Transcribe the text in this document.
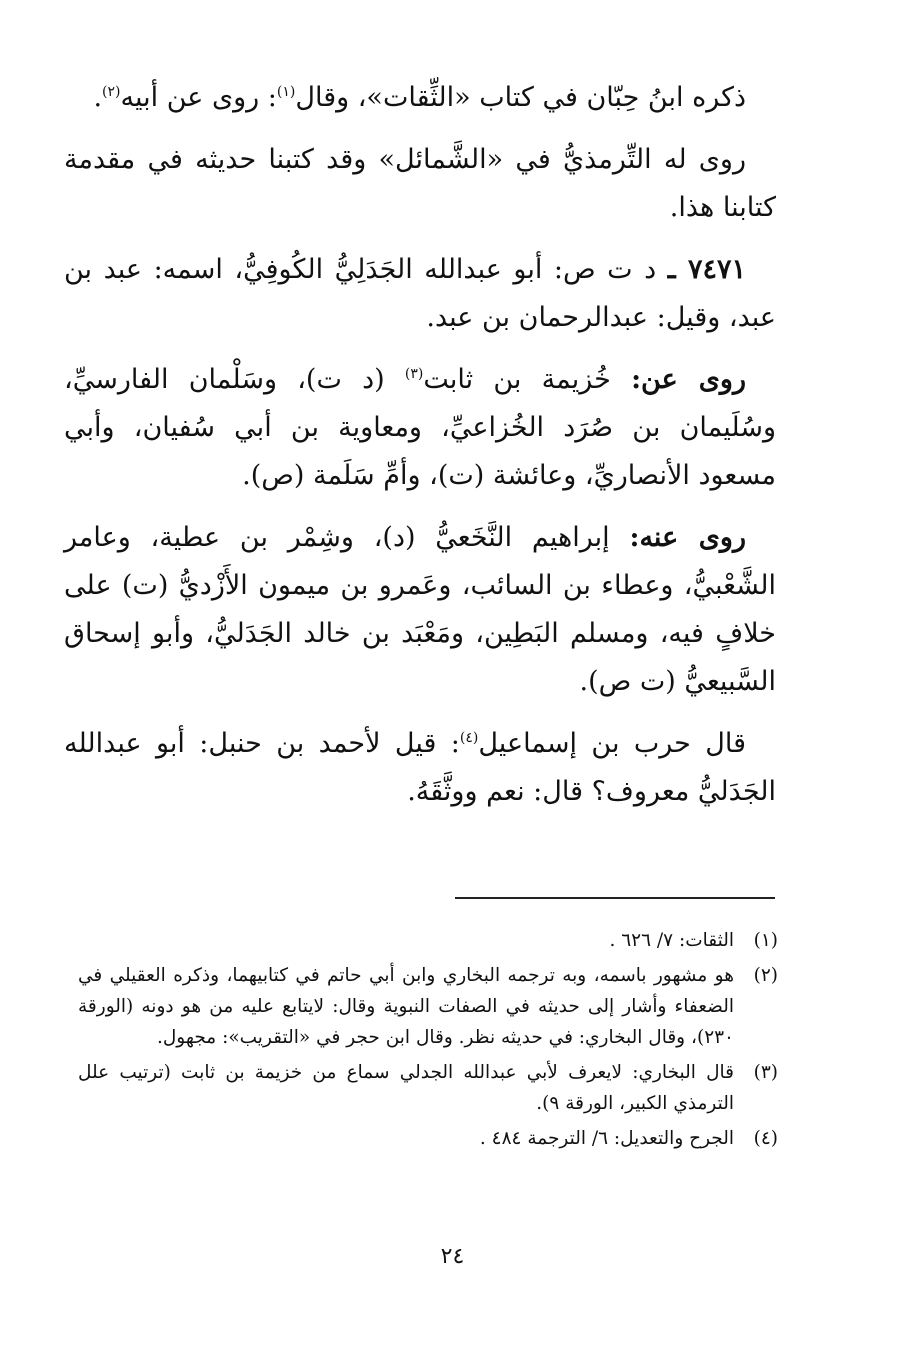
ذكره ابنُ حِبّان في كتاب «الثِّقات»، وقال$^{(١)}$: روى عن أبيه$^{(٢)}$.

روى له التِّرمذيُّ في «الشَّمائل» وقد كتبنا حديثه في مقدمة كتابنا هذا.

٧٤٧١ ـ د ت ص: أبو عبدالله الجَدَلِيُّ الكُوفِيُّ، اسمه: عبد بن عبد، وقيل: عبدالرحمان بن عبد.

روى عن: خُزيمة بن ثابت$^{(٣)}$ (د ت)، وسَلْمان الفارسيِّ، وسُلَيمان بن صُرَد الخُزاعيِّ، ومعاوية بن أبي سُفيان، وأبي مسعود الأنصاريِّ، وعائشة (ت)، وأمِّ سَلَمة (ص).

روى عنه: إبراهيم النَّخَعيُّ (د)، وشِمْر بن عطية، وعامر الشَّعْبيُّ، وعطاء بن السائب، وعَمرو بن ميمون الأَزْديُّ (ت) على خلافٍ فيه، ومسلم البَطِين، ومَعْبَد بن خالد الجَدَليُّ، وأبو إسحاق السَّبيعيُّ (ت ص).

قال حرب بن إسماعيل$^{(٤)}$: قيل لأحمد بن حنبل: أبو عبدالله الجَدَليُّ معروف؟ قال: نعم ووثَّقَهُ.

(١)
الثقات: ٧/ ٦٢٦ .
(٢)
هو مشهور باسمه، وبه ترجمه البخاري وابن أبي حاتم في كتابيهما، وذكره العقيلي في الضعفاء وأشار إلى حديثه في الصفات النبوية وقال: لايتابع عليه من هو دونه (الورقة ٢٣٠)، وقال البخاري: في حديثه نظر. وقال ابن حجر في «التقريب»: مجهول.
(٣)
قال البخاري: لايعرف لأبي عبدالله الجدلي سماع من خزيمة بن ثابت (ترتيب علل الترمذي الكبير، الورقة ٩).
(٤)
الجرح والتعديل: ٦/ الترجمة ٤٨٤ .
٢٤
